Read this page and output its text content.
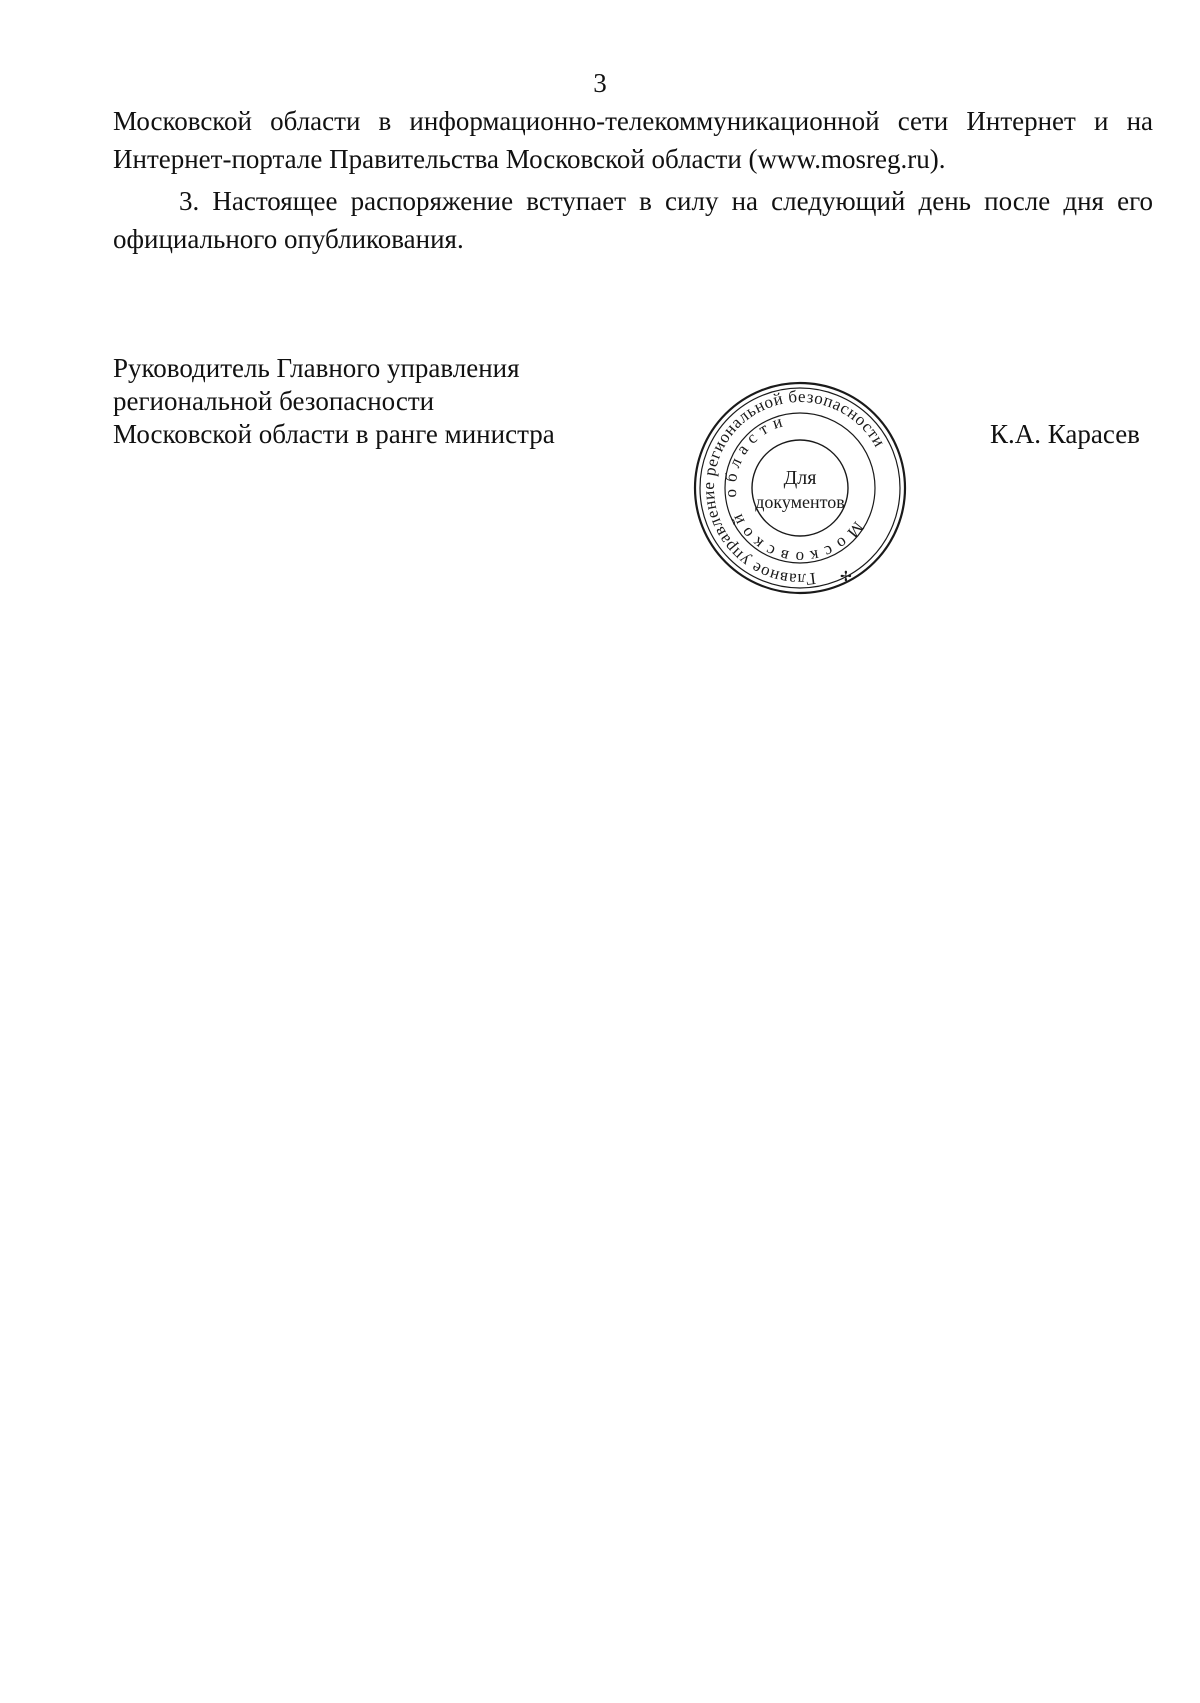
3

Московской области в информационно-телекоммуникационной сети Интернет и на Интернет-портале Правительства Московской области (www.mosreg.ru).

3. Настоящее распоряжение вступает в силу на следующий день после дня его официального опубликования.

Руководитель Главного управления
региональной безопасности
Московской области в ранге министра
Главное управление региональной безопасности
Московской области
✢
Для
документов
К.А. Карасев
